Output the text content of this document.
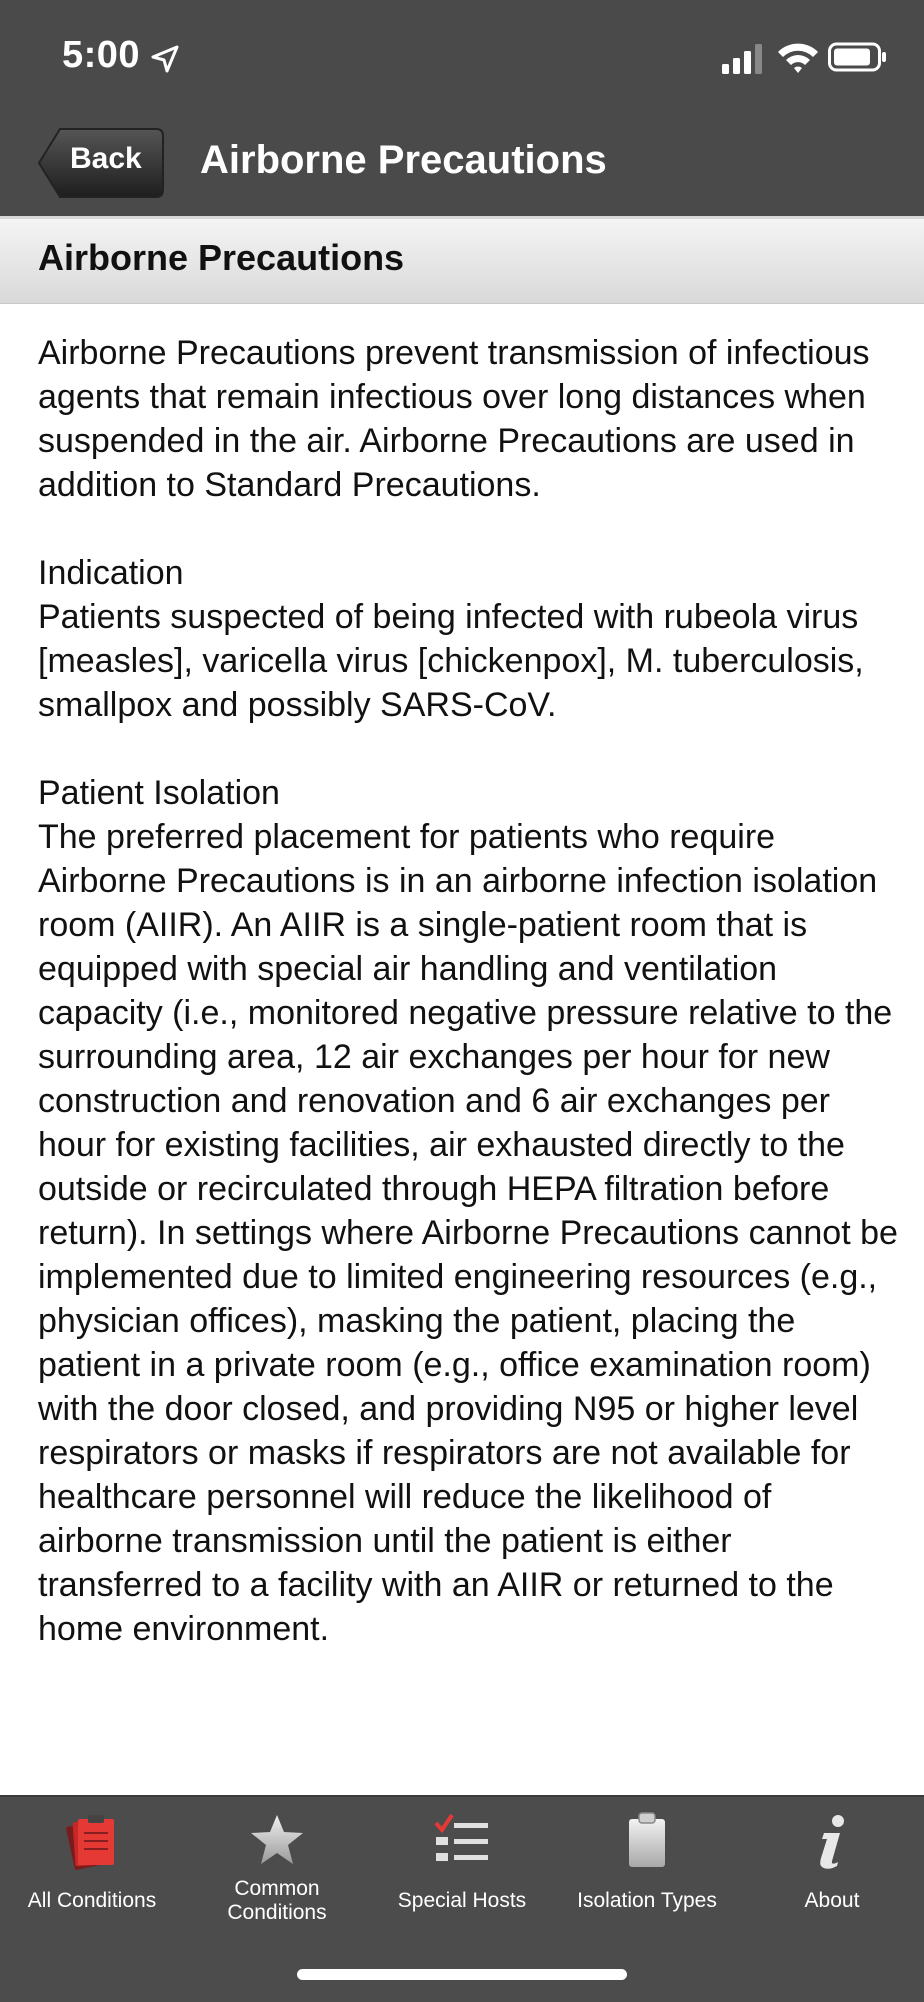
5:00
Back Airborne Precautions
Airborne Precautions

Airborne Precautions prevent transmission of infectious agents that remain infectious over long distances when suspended in the air. Airborne Precautions are used in addition to Standard Precautions.

Indication

Patients suspected of being infected with rubeola virus [measles], varicella virus [chickenpox], M. tuberculosis, smallpox and possibly SARS-CoV.

Patient Isolation

The preferred placement for patients who require Airborne Precautions is in an airborne infection isolation room (AIIR). An AIIR is a single-patient room that is equipped with special air handling and ventilation capacity (i.e., monitored negative pressure relative to the surrounding area, 12 air exchanges per hour for new construction and renovation and 6 air exchanges per hour for existing facilities, air exhausted directly to the outside or recirculated through HEPA filtration before return). In settings where Airborne Precautions cannot be implemented due to limited engineering resources (e.g., physician offices), masking the patient, placing the patient in a private room (e.g., office examination room) with the door closed, and providing N95 or higher level respirators or masks if respirators are not available for healthcare personnel will reduce the likelihood of airborne transmission until the patient is either transferred to a facility with an AIIR or returned to the home environment.

All Conditions
Common Conditions
Special Hosts	Isolation Types	About
